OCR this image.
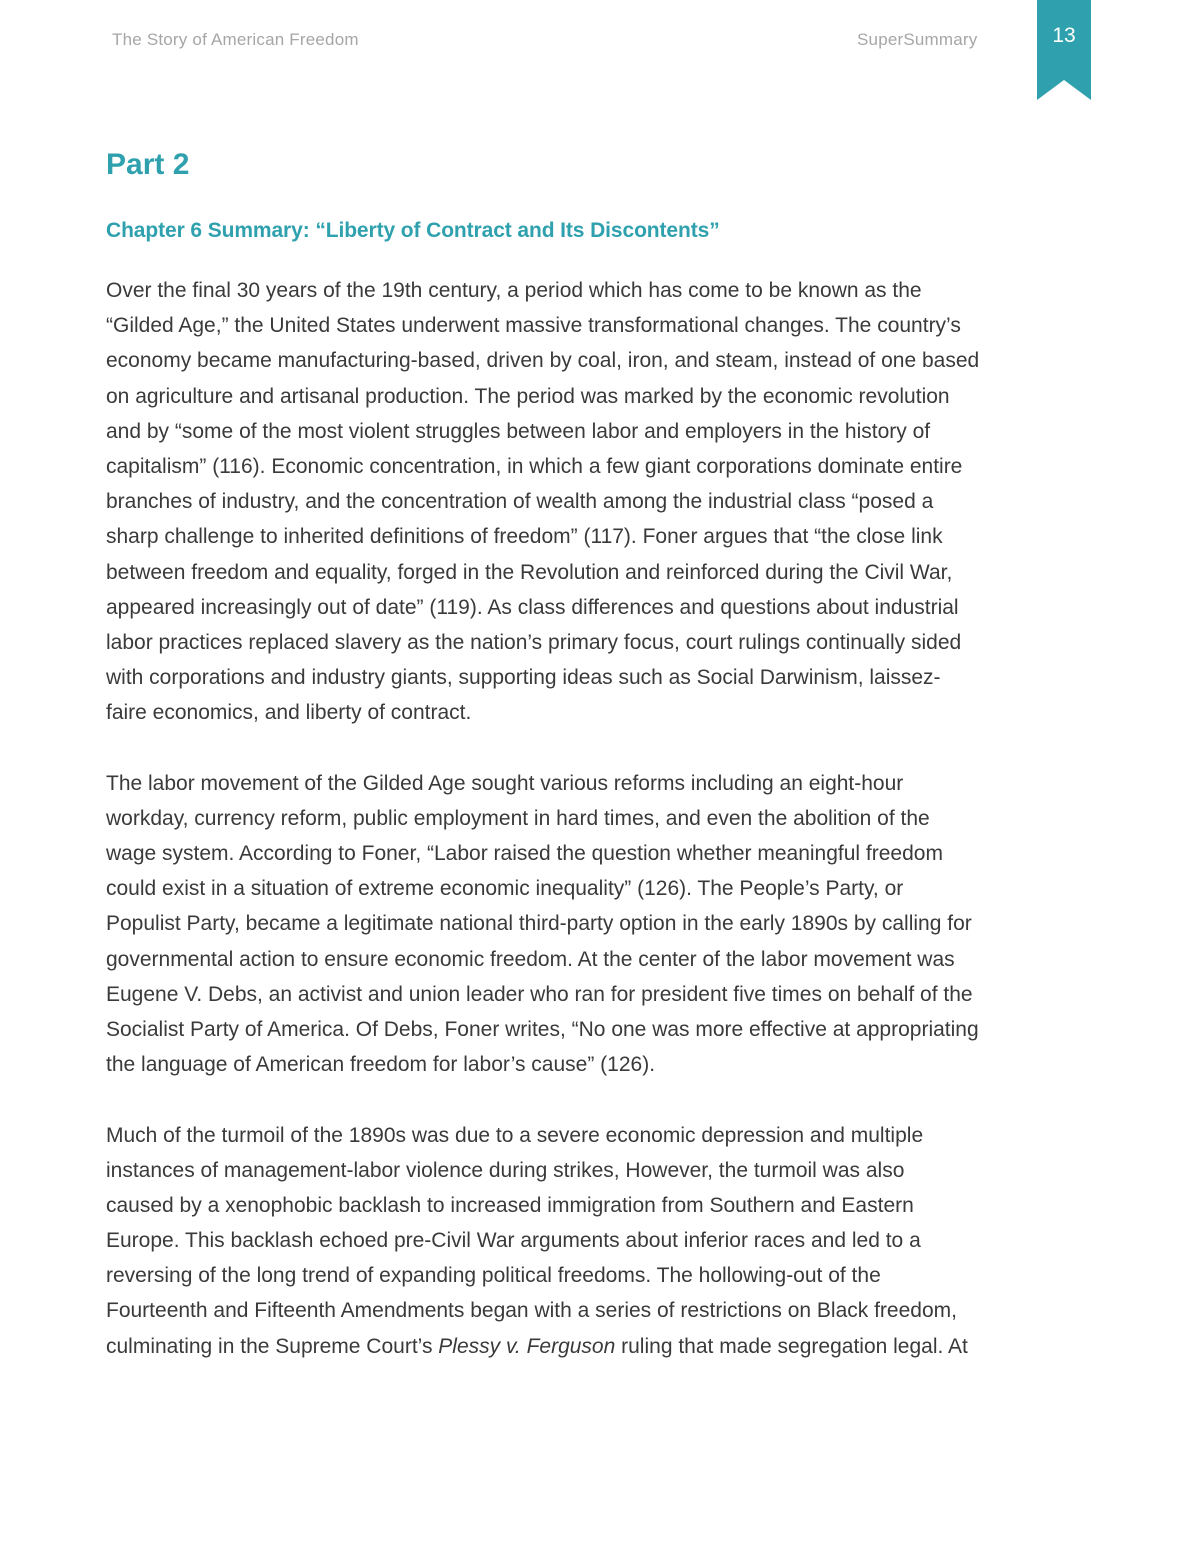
The Story of American Freedom	SuperSummary	13
Part 2
Chapter 6 Summary: “Liberty of Contract and Its Discontents”
Over the final 30 years of the 19th century, a period which has come to be known as the
“Gilded Age,” the United States underwent massive transformational changes. The country’s
economy became manufacturing-based, driven by coal, iron, and steam, instead of one based
on agriculture and artisanal production. The period was marked by the economic revolution
and by “some of the most violent struggles between labor and employers in the history of
capitalism” (116). Economic concentration, in which a few giant corporations dominate entire
branches of industry, and the concentration of wealth among the industrial class “posed a
sharp challenge to inherited definitions of freedom” (117). Foner argues that “the close link
between freedom and equality, forged in the Revolution and reinforced during the Civil War,
appeared increasingly out of date” (119). As class differences and questions about industrial
labor practices replaced slavery as the nation’s primary focus, court rulings continually sided
with corporations and industry giants, supporting ideas such as Social Darwinism, laissez-
faire economics, and liberty of contract.
The labor movement of the Gilded Age sought various reforms including an eight-hour
workday, currency reform, public employment in hard times, and even the abolition of the
wage system. According to Foner, “Labor raised the question whether meaningful freedom
could exist in a situation of extreme economic inequality” (126). The People’s Party, or
Populist Party, became a legitimate national third-party option in the early 1890s by calling for
governmental action to ensure economic freedom. At the center of the labor movement was
Eugene V. Debs, an activist and union leader who ran for president five times on behalf of the
Socialist Party of America. Of Debs, Foner writes, “No one was more effective at appropriating
the language of American freedom for labor’s cause” (126).
Much of the turmoil of the 1890s was due to a severe economic depression and multiple
instances of management-labor violence during strikes, However, the turmoil was also
caused by a xenophobic backlash to increased immigration from Southern and Eastern
Europe. This backlash echoed pre-Civil War arguments about inferior races and led to a
reversing of the long trend of expanding political freedoms. The hollowing-out of the
Fourteenth and Fifteenth Amendments began with a series of restrictions on Black freedom,
culminating in the Supreme Court’s Plessy v. Ferguson ruling that made segregation legal. At
